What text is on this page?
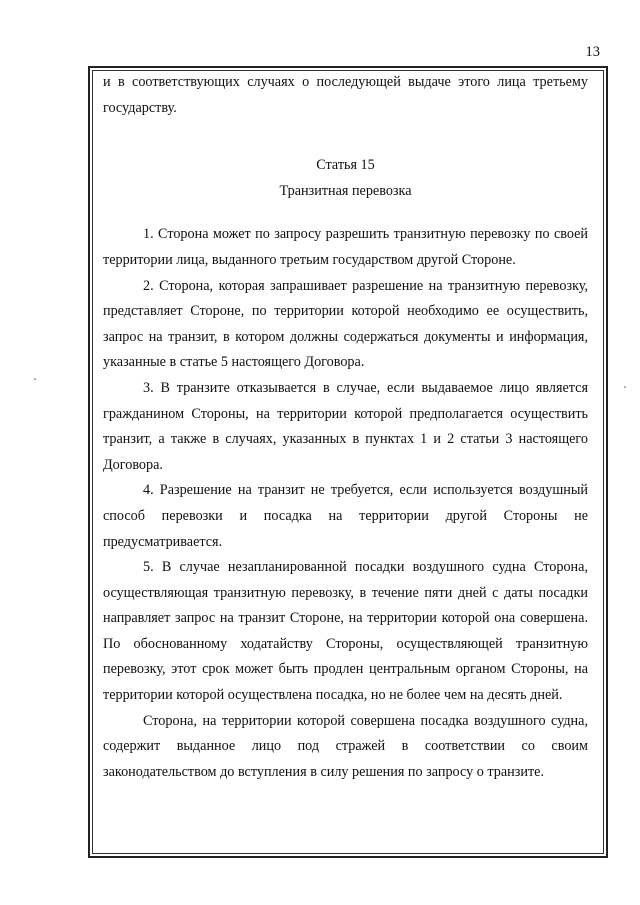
13

и в соответствующих случаях о последующей выдаче этого лица третьему государству.

Статья 15

Транзитная перевозка

1. Сторона может по запросу разрешить транзитную перевозку по своей территории лица, выданного третьим государством другой Стороне.

2. Сторона, которая запрашивает разрешение на транзитную перевозку, представляет Стороне, по территории которой необходимо ее осуществить, запрос на транзит, в котором должны содержаться документы и информация, указанные в статье 5 настоящего Договора.

3. В транзите отказывается в случае, если выдаваемое лицо является гражданином Стороны, на территории которой предполагается осуществить транзит, а также в случаях, указанных в пунктах 1 и 2 статьи 3 настоящего Договора.

4. Разрешение на транзит не требуется, если используется воздушный способ перевозки и посадка на территории другой Стороны не предусматривается.

5. В случае незапланированной посадки воздушного судна Сторона, осуществляющая транзитную перевозку, в течение пяти дней с даты посадки направляет запрос на транзит Стороне, на территории которой она совершена. По обоснованному ходатайству Стороны, осуществляющей транзитную перевозку, этот срок может быть продлен центральным органом Стороны, на территории которой осуществлена посадка, но не более чем на десять дней.

Сторона, на территории которой совершена посадка воздушного судна, содержит выданное лицо под стражей в соответствии со своим законодательством до вступления в силу решения по запросу о транзите.
